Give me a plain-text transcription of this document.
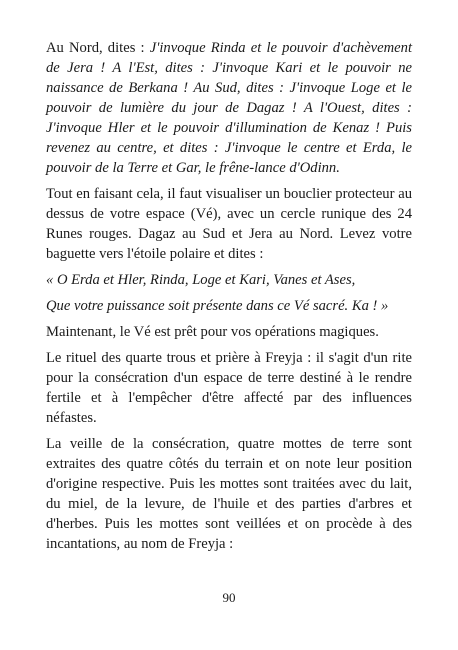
Au Nord, dites : J'invoque Rinda et le pouvoir d'achèvement de Jera ! A l'Est, dites : J'invoque Kari et le pouvoir ne naissance de Berkana ! Au Sud, dites : J'invoque Loge et le pouvoir de lumière du jour de Dagaz ! A l'Ouest, dites : J'invoque Hler et le pouvoir d'illumination de Kenaz ! Puis revenez au centre, et dites : J'invoque le centre et Erda, le pouvoir de la Terre et Gar, le frêne-lance d'Odinn.

Tout en faisant cela, il faut visualiser un bouclier protecteur au dessus de votre espace (Vé), avec un cercle runique des 24 Runes rouges. Dagaz au Sud et Jera au Nord. Levez votre baguette vers l'étoile polaire et dites :

« O Erda et Hler, Rinda, Loge et Kari, Vanes et Ases,

Que votre puissance soit présente dans ce Vé sacré. Ka ! »

Maintenant, le Vé est prêt pour vos opérations magiques.

Le rituel des quarte trous et prière à Freyja : il s'agit d'un rite pour la consécration d'un espace de terre destiné à le rendre fertile et à l'empêcher d'être affecté par des influences néfastes.

La veille de la consécration, quatre mottes de terre sont extraites des quatre côtés du terrain et on note leur position d'origine respective. Puis les mottes sont traitées avec du lait, du miel, de la levure, de l'huile et des parties d'arbres et d'herbes. Puis les mottes sont veillées et on procède à des incantations, au nom de Freyja :

90
